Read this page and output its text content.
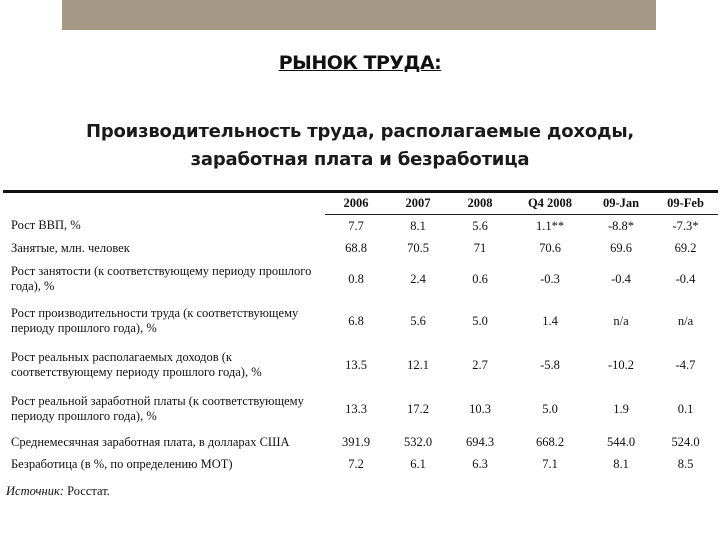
РЫНОК ТРУДА:
Производительность труда, располагаемые доходы,
заработная плата и безработица
	2006	2007	2008	Q4 2008	09-Jan	09-Feb
Рост ВВП, %	7.7	8.1	5.6	1.1**	-8.8*	-7.3*
Занятые, млн. человек	68.8	70.5	71	70.6	69.6	69.2
Рост занятости (к соответствующему периоду прошлого года), %	0.8	2.4	0.6	-0.3	-0.4	-0.4
Рост производительности труда (к соответствующему периоду прошлого года), %	6.8	5.6	5.0	1.4	n/a	n/a
Рост реальных располагаемых доходов (к соответствующему периоду прошлого года), %	13.5	12.1	2.7	-5.8	-10.2	-4.7
Рост реальной заработной платы (к соответствующему периоду прошлого года), %	13.3	17.2	10.3	5.0	1.9	0.1
Среднемесячная заработная плата, в долларах США	391.9	532.0	694.3	668.2	544.0	524.0
Безработица (в %, по определению МОТ)	7.2	6.1	6.3	7.1	8.1	8.5
Источник: Росстат.
